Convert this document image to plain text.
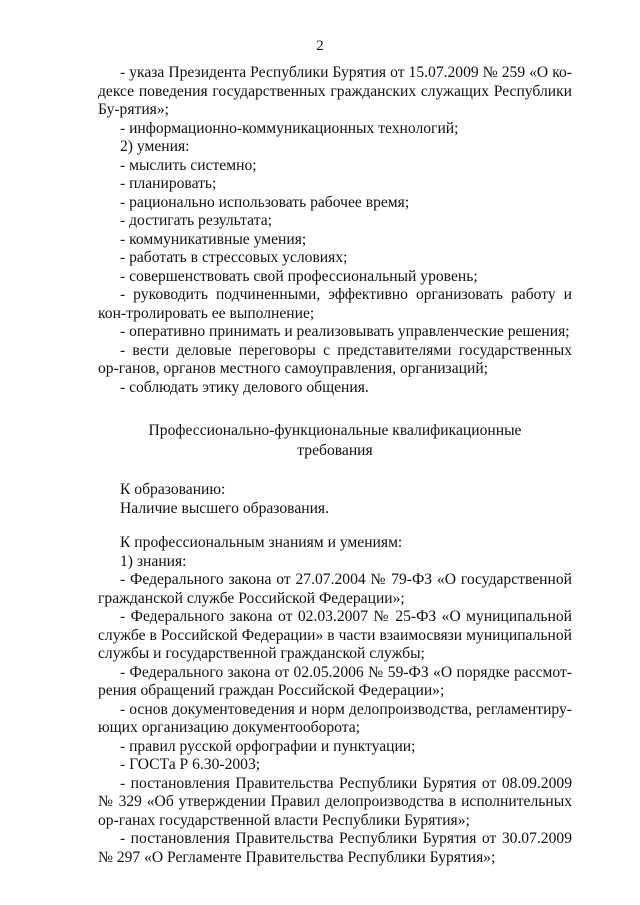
2

- указа Президента Республики Бурятия от 15.07.2009 № 259 «О ко-дексе поведения государственных гражданских служащих Республики Бу-рятия»;

- информационно-коммуникационных технологий;

2) умения:

- мыслить системно;

- планировать;

- рационально использовать рабочее время;

- достигать результата;

- коммуникативные умения;

- работать в стрессовых условиях;

- совершенствовать свой профессиональный уровень;

- руководить подчиненными, эффективно организовать работу и кон-тролировать ее выполнение;

- оперативно принимать и реализовывать управленческие решения;

- вести деловые переговоры с представителями государственных ор-ганов, органов местного самоуправления, организаций;

- соблюдать этику делового общения.

Профессионально-функциональные квалификационные
требования

К образованию:

Наличие высшего образования.

К профессиональным знаниям и умениям:

1) знания:

- Федерального закона от 27.07.2004 № 79-ФЗ «О государственной гражданской службе Российской Федерации»;

- Федерального закона от 02.03.2007 № 25-ФЗ «О муниципальной службе в Российской Федерации» в части взаимосвязи муниципальной службы и государственной гражданской службы;

- Федерального закона от 02.05.2006 № 59-ФЗ «О порядке рассмот-рения обращений граждан Российской Федерации»;

- основ документоведения и норм делопроизводства, регламентиру-ющих организацию документооборота;

- правил русской орфографии и пунктуации;

- ГОСТа Р 6.30-2003;

- постановления Правительства Республики Бурятия от 08.09.2009 № 329 «Об утверждении Правил делопроизводства в исполнительных ор-ганах государственной власти Республики Бурятия»;

- постановления Правительства Республики Бурятия от 30.07.2009 № 297 «О Регламенте Правительства Республики Бурятия»;
